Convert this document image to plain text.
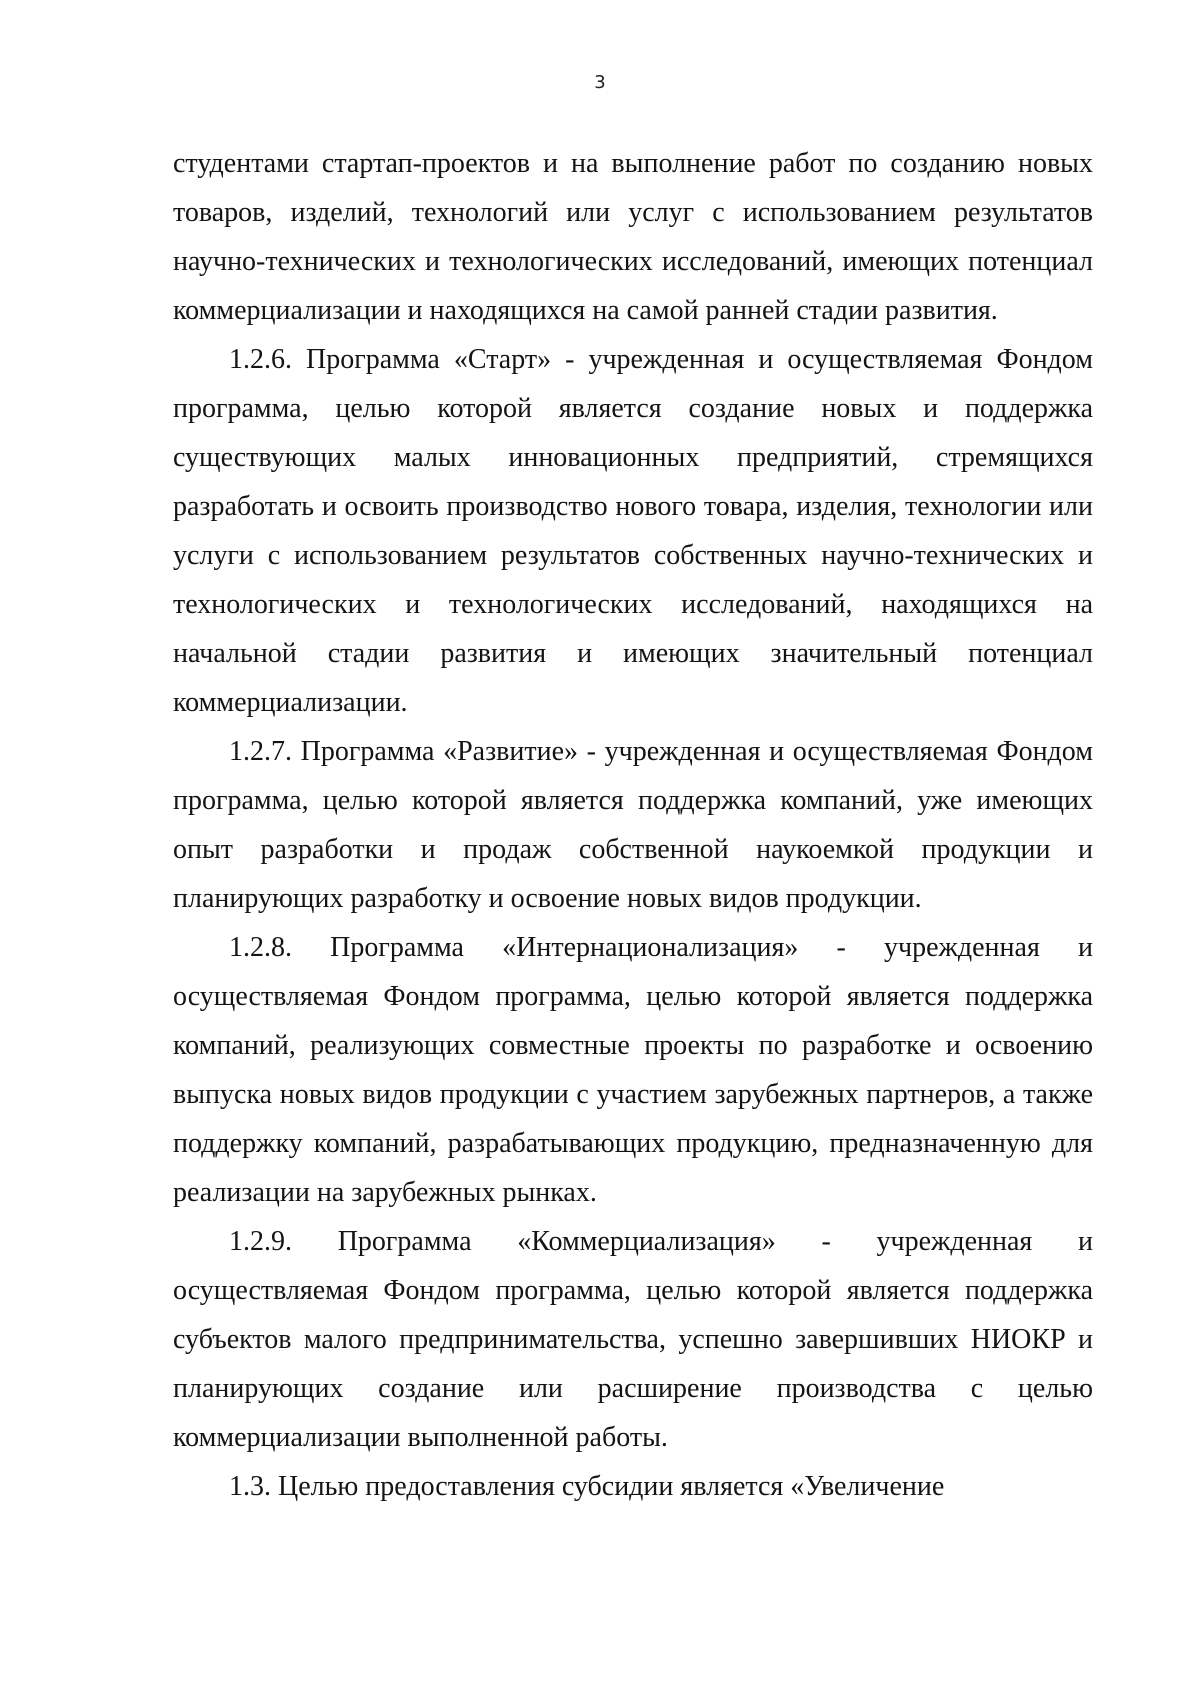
3

студентами стартап-проектов и на выполнение работ по созданию новых товаров, изделий, технологий или услуг с использованием результатов научно-технических и технологических исследований, имеющих потенциал коммерциализации и находящихся на самой ранней стадии развития.

1.2.6. Программа «Старт» - учрежденная и осуществляемая Фондом программа, целью которой является создание новых и поддержка существующих малых инновационных предприятий, стремящихся разработать и освоить производство нового товара, изделия, технологии или услуги с использованием результатов собственных научно-технических и технологических и технологических исследований, находящихся на начальной стадии развития и имеющих значительный потенциал коммерциализации.

1.2.7. Программа «Развитие» - учрежденная и осуществляемая Фондом программа, целью которой является поддержка компаний, уже имеющих опыт разработки и продаж собственной наукоемкой продукции и планирующих разработку и освоение новых видов продукции.

1.2.8. Программа «Интернационализация» - учрежденная и осуществляемая Фондом программа, целью которой является поддержка компаний, реализующих совместные проекты по разработке и освоению выпуска новых видов продукции с участием зарубежных партнеров, а также поддержку компаний, разрабатывающих продукцию, предназначенную для реализации на зарубежных рынках.

1.2.9. Программа «Коммерциализация» - учрежденная и осуществляемая Фондом программа, целью которой является поддержка субъектов малого предпринимательства, успешно завершивших НИОКР и планирующих создание или расширение производства с целью коммерциализации выполненной работы.

1.3. Целью предоставления субсидии является «Увеличение
